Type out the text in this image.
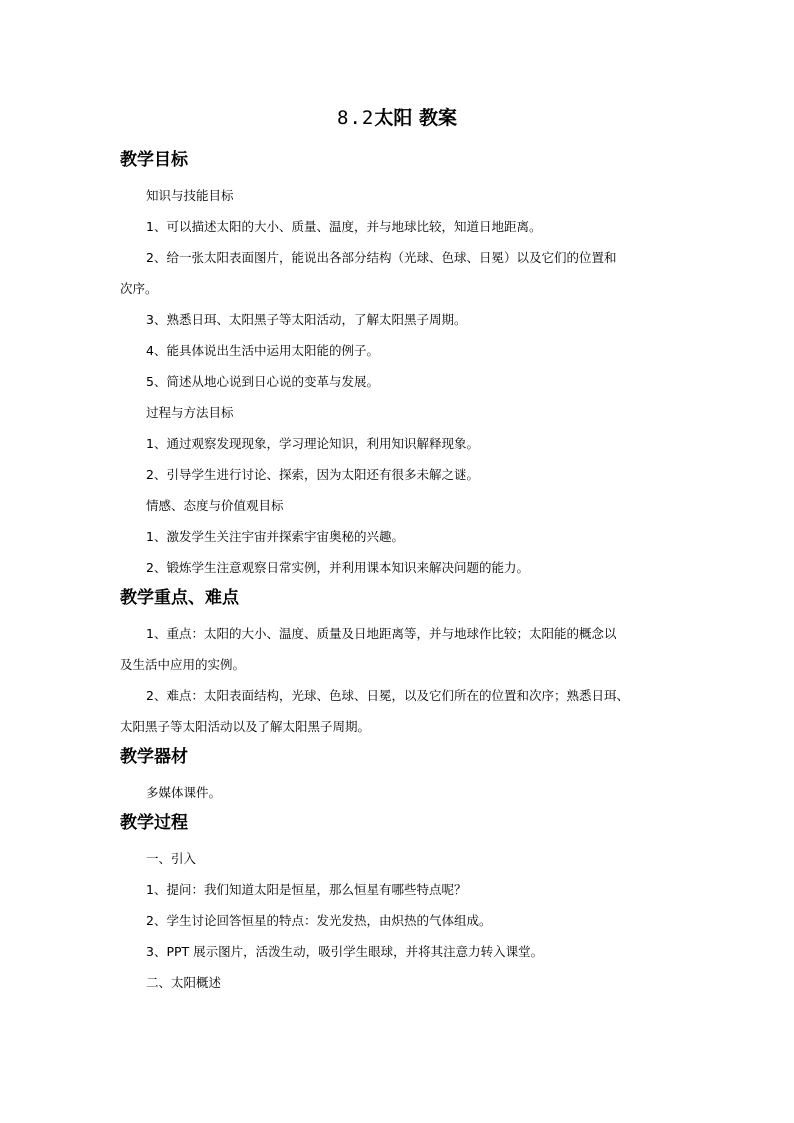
8.2太阳 教案
教学目标

知识与技能目标

1、可以描述太阳的大小、质量、温度，并与地球比较，知道日地距离。

2、给一张太阳表面图片，能说出各部分结构（光球、色球、日冕）以及它们的位置和

次序。

3、熟悉日珥、太阳黑子等太阳活动，了解太阳黑子周期。

4、能具体说出生活中运用太阳能的例子。

5、简述从地心说到日心说的变革与发展。

过程与方法目标

1、通过观察发现现象，学习理论知识，利用知识解释现象。

2、引导学生进行讨论、探索，因为太阳还有很多未解之谜。

情感、态度与价值观目标

1、激发学生关注宇宙并探索宇宙奥秘的兴趣。

2、锻炼学生注意观察日常实例，并利用课本知识来解决问题的能力。

教学重点、难点

1、重点：太阳的大小、温度、质量及日地距离等，并与地球作比较；太阳能的概念以

及生活中应用的实例。

2、难点：太阳表面结构，光球、色球、日冕，以及它们所在的位置和次序；熟悉日珥、

太阳黑子等太阳活动以及了解太阳黑子周期。

教学器材

多媒体课件。

教学过程

一、引入

1、提问：我们知道太阳是恒星，那么恒星有哪些特点呢？

2、学生讨论回答恒星的特点：发光发热，由炽热的气体组成。

3、PPT 展示图片，活泼生动，吸引学生眼球，并将其注意力转入课堂。

二、太阳概述
